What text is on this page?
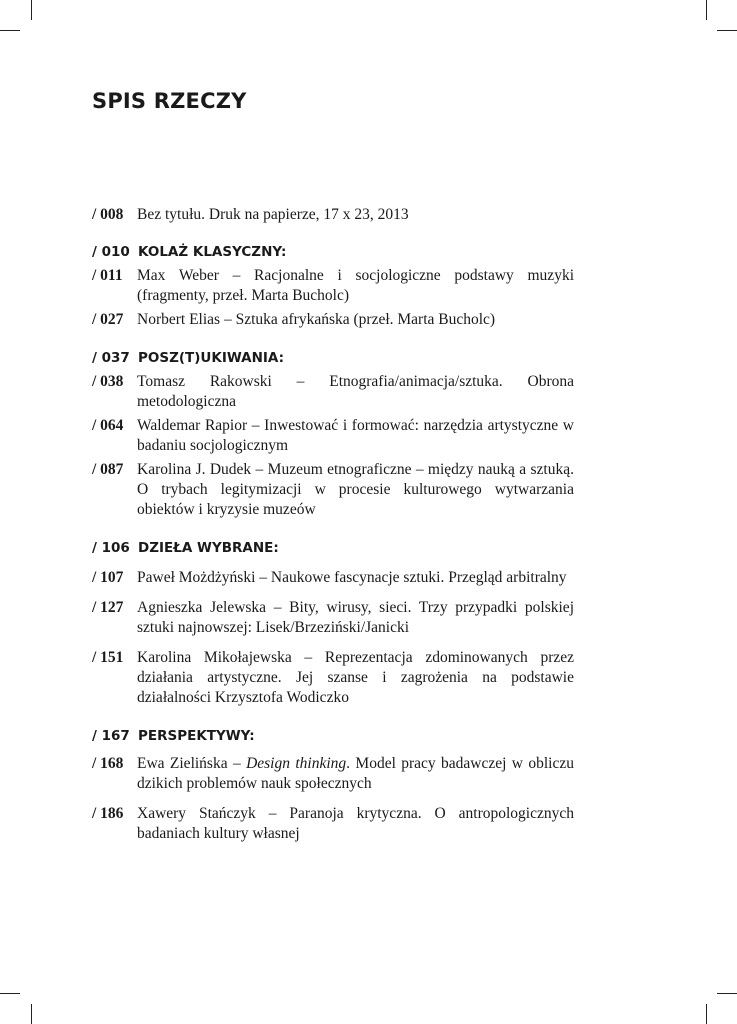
SPIS RZECZY
/ 008 Bez tytułu. Druk na papierze, 17 x 23, 2013
/ 010 KOLAŻ KLASYCZNY:
/ 011 Max Weber – Racjonalne i socjologiczne podstawy muzyki (fragmenty, przeł. Marta Bucholc)
/ 027 Norbert Elias – Sztuka afrykańska (przeł. Marta Bucholc)
/ 037 POSZ(T)UKIWANIA:
/ 038 Tomasz Rakowski – Etnografia/animacja/sztuka. Obrona metodologiczna
/ 064 Waldemar Rapior – Inwestować i formować: narzędzia artystyczne w badaniu socjologicznym
/ 087 Karolina J. Dudek – Muzeum etnograficzne – między nauką a sztuką. O trybach legitymizacji w procesie kulturowego wytwarzania obiektów i kryzysie muzeów
/ 106 DZIEŁA WYBRANE:
/ 107 Paweł Możdżyński – Naukowe fascynacje sztuki. Przegląd arbitralny
/ 127 Agnieszka Jelewska – Bity, wirusy, sieci. Trzy przypadki polskiej sztuki najnowszej: Lisek/Brzeziński/Janicki
/ 151 Karolina Mikołajewska – Reprezentacja zdominowanych przez działania artystyczne. Jej szanse i zagrożenia na podstawie działalności Krzysztofa Wodiczko
/ 167 PERSPEKTYWY:
/ 168 Ewa Zielińska – Design thinking. Model pracy badawczej w obliczu dzikich problemów nauk społecznych
/ 186 Xawery Stańczyk – Paranoja krytyczna. O antropologicznych badaniach kultury własnej
